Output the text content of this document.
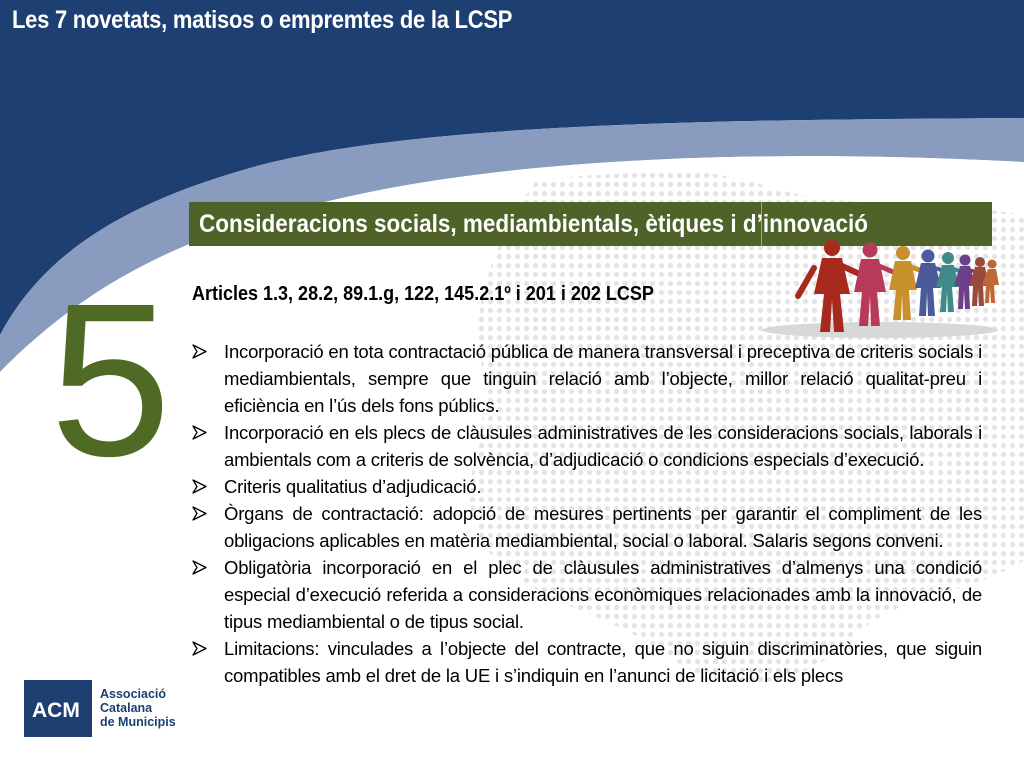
Les 7 novetats, matisos o empremtes de la LCSP
5
Consideracions socials, mediambientals, ètiques i d’innovació
Articles 1.3, 28.2, 89.1.g, 122, 145.2.1º i 201 i 202 LCSP
Incorporació en tota contractació pública de manera transversal i preceptiva de criteris socials i mediambientals, sempre que tinguin relació amb l’objecte, millor relació qualitat-preu i eficiència en l’ús dels fons públics.
Incorporació en els plecs de clàusules administratives de les consideracions socials, laborals i ambientals com a criteris de solvència, d’adjudicació o condicions especials d’execució.
Criteris qualitatius d’adjudicació.
Òrgans de contractació: adopció de mesures pertinents per garantir el compliment de les obligacions aplicables en matèria mediambiental, social o laboral. Salaris segons conveni.
Obligatòria incorporació en el plec de clàusules administratives d’almenys una condició especial d’execució referida a consideracions econòmiques relacionades amb la innovació, de tipus mediambiental o de tipus social.
Limitacions: vinculades a l’objecte del contracte, que no siguin discriminatòries, que siguin compatibles amb el dret de la UE i s’indiquin en l’anunci de licitació i els plecs
ACM
Associació
Catalana
de Municipis
